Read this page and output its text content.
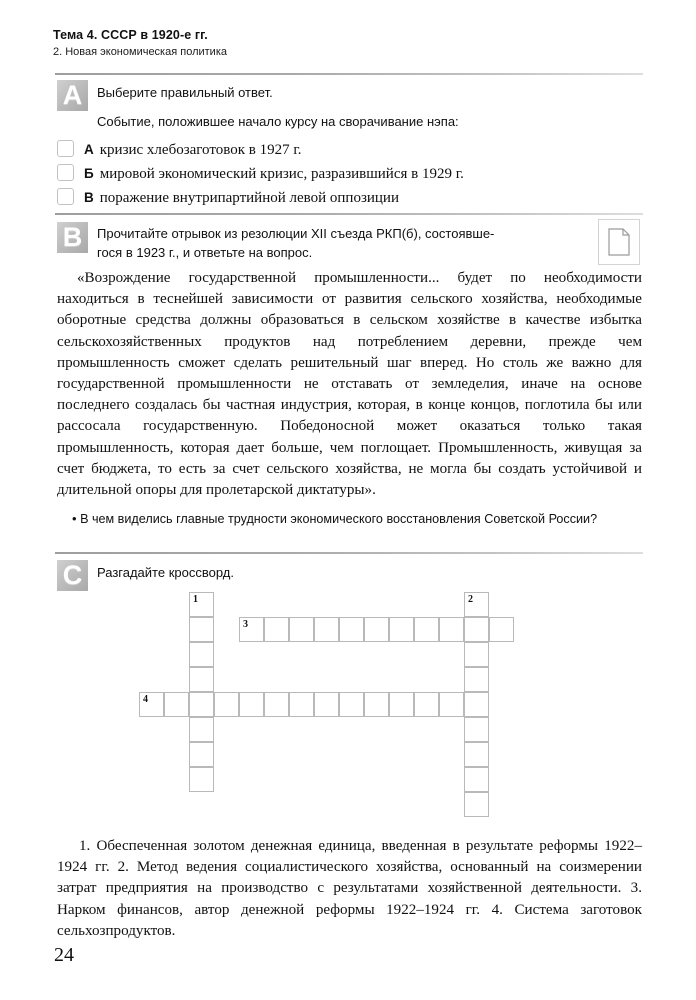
Тема 4. СССР в 1920-е гг.
2. Новая экономическая политика
A	Выберите правильный ответ.
Событие, положившее начало курсу на сворачивание нэпа:
А кризис хлебозаготовок в 1927 г.
Б мировой экономический кризис, разразившийся в 1929 г.
В поражение внутрипартийной левой оппозиции
B	Прочитайте отрывок из резолюции XII съезда РКП(б), состоявше-
гося в 1923 г., и ответьте на вопрос.
«Возрождение государственной промышленности... будет по необходимости находиться в теснейшей зависимости от развития сельского хозяйства, необходимые оборотные средства должны образоваться в сельском хозяйстве в качестве избытка сельскохозяйственных продуктов над потреблением деревни, прежде чем промышленность сможет сделать решительный шаг вперед. Но столь же важно для государственной промышленности не отставать от земледелия, иначе на основе последнего создалась бы частная индустрия, которая, в конце концов, поглотила бы или рассосала государственную. Победоносной может оказаться только такая промышленность, которая дает больше, чем поглощает. Промышленность, живущая за счет бюджета, то есть за счет сельского хозяйства, не могла бы создать устойчивой и длительной опоры для пролетарской диктатуры».
• В чем виделись главные трудности экономического восстановления Советской России?
C	Разгадайте кроссворд.
1	2
3
4
1. Обеспеченная золотом денежная единица, введенная в результате реформы 1922–1924 гг. 2. Метод ведения социалистического хозяйства, основанный на соизмерении затрат предприятия на производство с результатами хозяйственной деятельности. 3. Нарком финансов, автор денежной реформы 1922–1924 гг. 4. Система заготовок сельхозпродуктов.
24
